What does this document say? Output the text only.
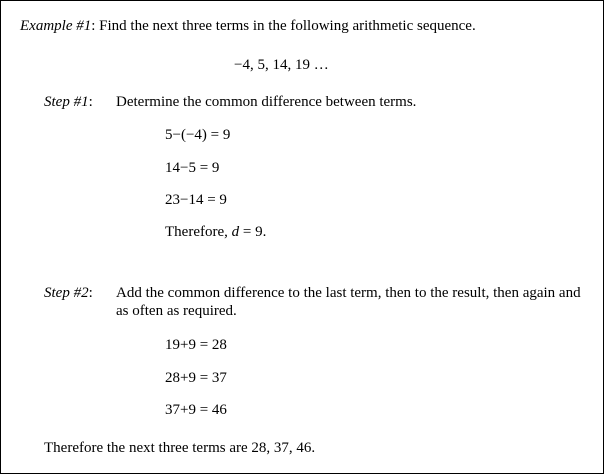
Example #1: Find the next three terms in the following arithmetic sequence.
−4, 5, 14, 19 …
Step #1: Determine the common difference between terms.
5−(−4) = 9
14−5 = 9
23−14 = 9
Therefore, d = 9.
Step #2: Add the common difference to the last term, then to the result, then again and as often as required.
19+9 = 28
28+9 = 37
37+9 = 46
Therefore the next three terms are 28, 37, 46.
